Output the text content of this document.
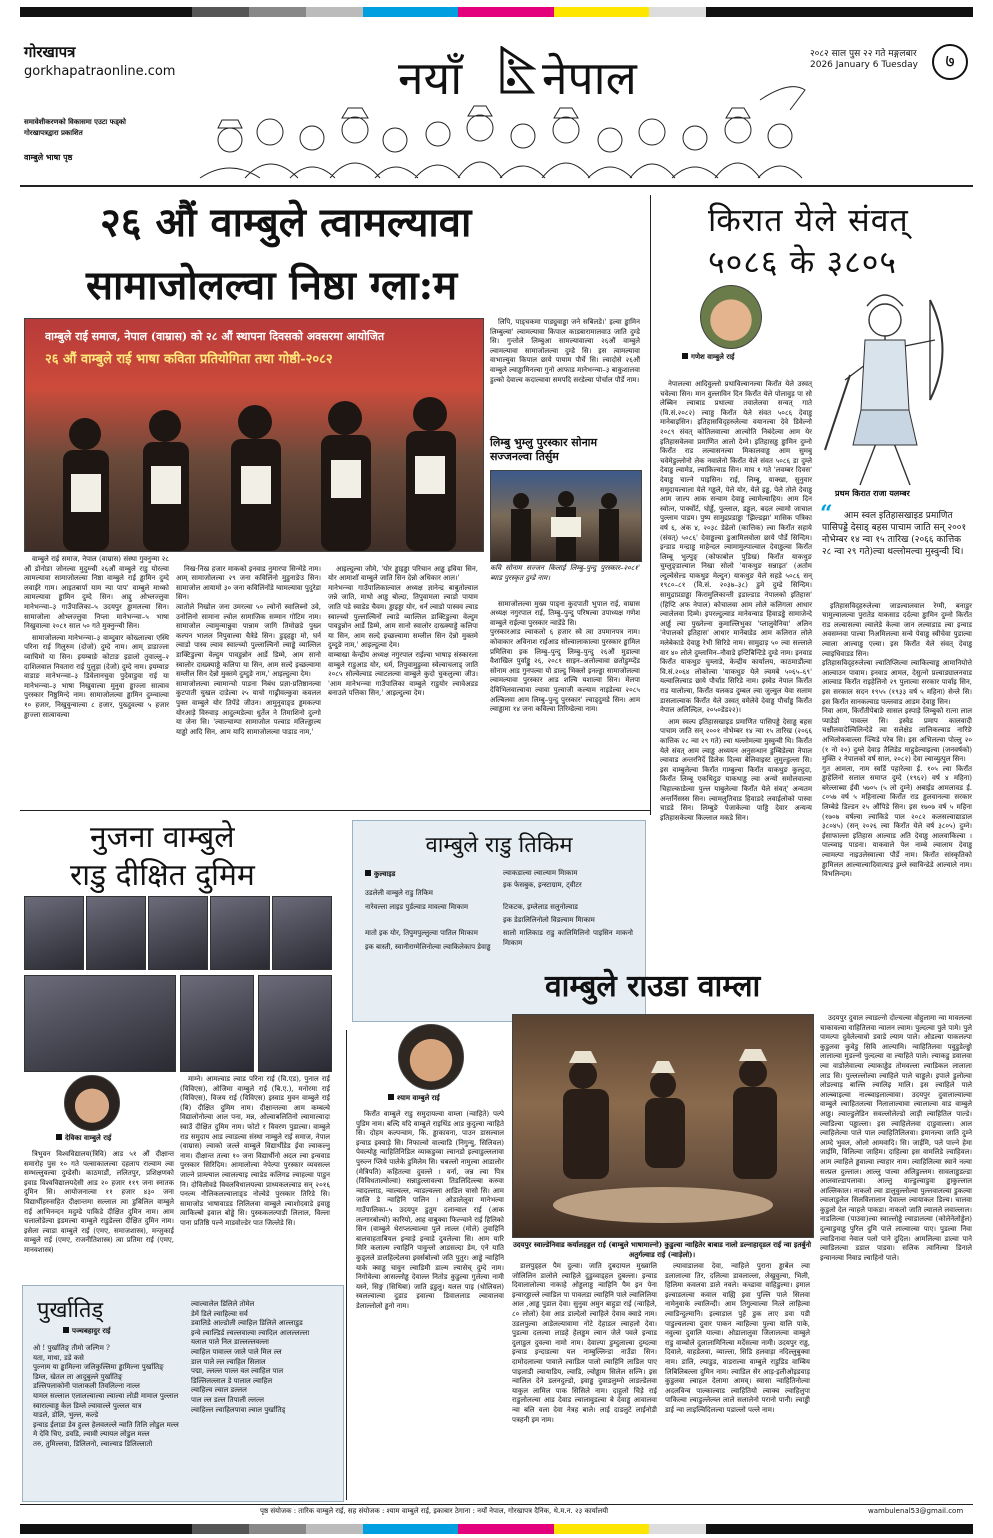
गोरखापत्र
gorkhapatraonline.com
समावेशीकरणको विकासमा एउटा फड्को
गोरखापत्रद्वारा प्रकाशित
वाम्बुले भाषा पृष्ठ
नयाँ नेपाल	२०८२ साल पुस २२ गते मङ्गलबार
2026 January 6 Tuesday	७
२६ औं वाम्बुले त्वामल्यावा
सामाजोलल्वा निष्ठा ग्ला:म
वाम्बुले राई समाज, नेपाल (वाम्रास) को २८ औं स्थापना दिवसको अवसरमा आयोजित
२६ औं वाम्बुले राई भाषा कविता प्रतियोगिता तथा गोष्ठी-२०८२

वाम्बुले राई समाज, नेपाल (वाम्रास) संस्था गुवनुन्मा २८ औं डोनोङा जोनल्वा मुदुम्न्वी २६औं वाम्बुले राडु योरल्वा त्वामल्यावा सामाजोलल्वा निष्ठा वाम्बुले राई ड्ढामिन दुम्दे लवाईरे गाम। आइतबार्पा याम न्या पाप' वाम्बुले माथ्को त्वामल्यावा ड्ढामिन दुम्दे सिन। आद्दु ओभ्लज्लुवा मानेभन्न्वा–३ गाउँपालिका–५ उदयपुर ड्ढामलल्वा सिन। सामाजोला ओभ्लज्लुवा निप्ला मानेभन्न्वा–५ भाषा निखुवाल्वा २०८१ साल ५० गते मुक्नुन्न्वी सिन।

सामाजोलल्वा मानेभन्न्वा–३ वाम्दुवार कोख्लाल्वा एस्थि परिना राई गिलुरुम (दोजो) दुम्दे नाम। आम् डाडाज्ला व्वाचिमो या सिन। इयम्बाङे कोटाङ इडालो तुवाल्लु–२ दाशिलवाल निवतारा राई पुलुड़ा (देजो) दुम्दे नाम। इयम्याङ वाडाङ मानेभन्न्वा–३ डिवेलानचुवा पुदेवाडुवा राई या मानेभन्न्वा–३ भाषा निखुवाल्वा मुनुवा ड्ढाज्ला सात्वाव पुरस्कार निष्ठुमिन्दे नाम। सामाजोलल्वा ड्ढामिन दुम्न्वाल्वा १० हजार, निखुवुन्वाल्वा ८ हजार, पुख्दुवल्वा ५ हजार ड्ढाज्ला सात्वावल्वा

निख-निख हजार माकको इनवाड नुमारपा सिन्मेंडे नाम। आम् सामाजोलल्वा २९ जना कविलिंनो मुडुनाङेउ सिन। सामाजोल आयामो ३० जना कविलिंनोंडे ग्वामल्यावा पुदुरेडा सिन।
त्वातोले निखोल जना उमरल्वा ५० ल्वोनों स्वालिब्नो उवे, उनोलिनो सामाना ल्वोल सामाजिक सम्मान गोटिम नाम। सामाजोल ल्वामुन्मान्नुवा पान्नाम जागि तिमोछडे पुख्न कल्पन भालल निपुवाल्वा चैत्रेडे सिन। डुड्हड्ढा मो, घर्न ल्वाडो पास्व ल्वाव स्वाल्च्यो पुल्लाल्विनों ल्वाड्ढे व्याल्तिल डाक्टिडुल्वा वेल्दुम पावडुन्नोन आर्डे डिम्मे, आम सानो स्वालोर दाख्क्याड्डे कलिपा या सिन, आम सल्दे इच्छल्वामा सम्लील सिन देन्नो मुक्तमे दुम्दुङे नाम,' आइल्दुल्वा देम।
सामाजोलल्वा ल्वामान्चो पाडना निबंध प्रज्ञा-प्रतिष्ठानल्वा कुटपाती चुखल दाडेल्वा २५ याचो गाढ्रीवल्कुवा कवलल पुक्त वाम्बुले योर तिपेंडे जीउन। आमुनुवाङ्ड ड्ढमकल्पा योरआड़े विरुवाड़ आदुल्मडेल्वा धुर्तेल ने तिमाशिनो दुल्गो या जेना सि। 'ल्वाल्चाम्पा सामाजोल पल्वाड मलिल्ड्ढाल्य याड्ढो आदि सिन, आम यादि सामाजोलल्वा पाडाड नाम,'

आइल्दुल्वा जौमे, 'योर ड्ढाइड्डा परिचान आड्ढ इविया सिन, योर आमाशॉ वाम्बुले जाति सिन देन्नो अधिकार आल।'
मानेभन्न्वा गाउँपालिकाल्वाल अध्यक्ष ज्ञानेन्द्र बाबुतोल्वाल जन्ने जाति, माथो आड्ढ बोल्दा, तिपुवामला ल्वाडो पायाम जाति पडे स्वाडेड चैवम। ड्ढाइड्डा योर, धर्न ल्वाडो पास्वव ल्वाड स्वाल्च्यो पुल्लाल्विनों ल्वाडे व्याल्तिल डाक्टिडुल्वा वेल्दुम पावडुन्नोन आर्डे डिम्मे, आम सानो स्वालोर दाख्क्याड्डे कलिपा या सिन, आम सल्दे इच्छल्वामा सम्लील सिन देन्नो मुक्तमे दुम्दुङे नाम,' आइल्दुल्वा देम।
वाम्बाखा केन्द्रीय अध्यक्ष नगुरपाल राईल्वा भाषाड़ संस्कारला वाम्बुले राडुआड योर, धर्म, तिपुवामुडुव्वा स्वेल्वाचलाड् जाति २०८५ सोल्वेल्वाड ल्वाटलल्वा वाम्बुले कुदो चुकलुल्वा जीउ। 'आम मानेभन्न्वा गाउँपालिका वाम्बुले राडुयोर ल्वावेअडड बनाउले पत्तिका सिन,' आइल्दुल्वा देम।

लिपि, पाड्चकमा पाड्युवाड्ढा जने सबिलडे।' इल्वा ड्ढामिन लिम्बुल्वा' ल्वामल्यावा किपाल काडबारामालवाउ जाति दुम्डे सि। गुन्तोले लिम्बुआ सामल्यावाल्वा २६औं वाम्बुले ल्वामल्यावा सामाजोलल्वा दुम्डे सि। इस त्वामल्यावा वाभाल्युवा किपाल छाये पायाम पौर्चे सि। ल्वादोसे २६औं वाम्बुले ल्वाड्ढामिनल्वा गुनो आफाड मानेभन्न्वा–३ बाकुशालवा डुल्को देवाल्व कदाल्वावा समपदि सरडेल्वा पोर्चाल पौर्डे नाम।

लिम्बु भुम्लु पुरस्कार सोनाम सज्जनल्वा तिर्सुम
कवि सोनाम सज्जन किलाई लिम्बु–पुन्दु पुरस्कार–२०८१' ब्याड पुरस्कृत दुम्डे नाम।

सामाजोलल्वा मुख्य पाड्ना कुदपाती भुपाल राई, वाम्रास अध्यक्ष नगुरपाल राई, तिम्बु–पुन्दु परिषल्वा उपाध्यक्ष गणेश वाम्बुले राईल्वा पुरस्कार न्वाडेंडे सि।
पुरस्कारआड ल्वाकलो ६ हजार स्वे त्वा उपमानपत्र नाम। कोवाकार अविनाश राईआड सोल्वालाकाल्वा पुरस्कार ड्ढामिल प्रमिलिवा इक लिम्बु–पुन्दु लिम्बु–पुन्दु २६औं मुडाल्वा वैशाखिल पुर्वाड्ढु २६, २०८१ साइन–अलोल्वावा छतोडुम्प्देंड सोनाम आड गुनपल्वा यो डाल्दु भिक्लो इनल्ड्ढा सामाजोलल्वा ल्वामल्यावा पुरस्कार आड शल्वि यशाल्वा सिन। मेलपा देविभिलवाल्वावा ल्वावा पुल्वाजी कल्याम नाइडेल्वा २०८५ अल्बिलवा आम लिम्बु–पुन्दु पुरस्कार' ल्वाड्दुमडे सिन। आम ल्वाड्ढामा १४ जना कविल्वा तिरिम्डेल्वा नाम।

किरात येले संवत्
५०८६ के ३८०५
गणेश वाम्बुले राई
प्रथम किरात राजा यलम्बर

नेपालल्वा आदिवुल्लो प्रथाविल्वानल्वा किराँत येले उस्वत् चवेल्वा सिन। मान वुल्लाविन दिन किराँत येले पोलावुड़ पा सो लेब्बिन ल्वाबाड प्रथाल्वा तवालेलवा सन्वत् गाते (वि.सं.२०८२) ल्वाड्ड किराँत येले संवत ५०८६ देवाड्ढ मानेबाइसिन। इतिहासविद्हरुलेल्वा वयानल्वा देवे डिवेल्नो २०८९ संवत् कोतिलवाल्वा आल्वोति निबंदेल्वा आम येर इतिहासवेलवा प्रमाणित आलो देम्ने। इतिहासड्ढ ड्ढामिन दुम्नो किराँत राड लल्वासनल्वा मिकालवाड्ढ आम सुमबु चवेमेडुल्लोनो लेक नवालेनो किराँत येले संवत ५०८६ डा दुम्ले देवाड्ढ ल्वामेड, ल्वाकिल्वाड सिन। माघ १ गते 'लवम्बर दिवस' देवाड्ढ चाल्ने पाइसिन। राई, लिम्बू, याक्खा, सुनुवार समुदायल्वाला येले गड्ढले, पेले योर, येले इड्ढ, पेले तोले देवाड्ढ आम जाल्प आक सन्वाम देवाड्ढ ल्वामेल्वाहिय। आम दिन स्वोत्न, पार्क्वोर्ट, घोर्ड्ढे, पुल्लाल, डड्ढल, बदल ल्वामो जाचाल पुल्लाम पाडम। पुष्प सामुद्रप्रडाड्ढा 'झिल्डझा' मासिक पत्रिका वर्ष ६, अंक ४, २०३८ डेढेलो (कात्तिक) ल्वा किराँत सहाये (संवत्) ५०८६' देवाड्ढल्वा डुआमिलवोला छाये पौर्डे सिन्दिम। इन्डाड मन्द्राड्ढ माहेन्दल ल्वामामुल्पाल्वाल देवाड्ढल्वा किराँत लिम्बू भुल्पुङ् (कोफाबोल पुडिख) किराँत याकथुङ चुम्लुङ्डाल्वाल निखा सोलो 'याकथुङ सन्नाइत' (अतोम ल्दुल्वेसेल्ड याकथुङ मेल्दुन) याकथुङ येले सहडे ५०८६ सन् १९८०–८१ (वि.सं. २०३७–३८) डुमे दुम्डे सिन्दिम। सामुद्राप्रडाड्ढा किरामुलिकान्ती इडाल्डाड नेपालको इतिहास' (हिप्टि अफ नेपाल) कोचालवा आम लोले कलिगला आधार ल्वालेलवा दिम्मे। इपरल्दुल्वाड मानेवन्वाड हिवाडड्ढे सामाजेन्दे आर्ड्ढ ल्वा पुख्नेल्ना कुमाल्लिभुका 'प्लालुवेनिया' अलिन 'नेपालको इतिहास' आधार मानेंबाडेड आम कलिरात लोले मलेबेकाडे देवाड्ढ रेभी सिरिडे नाम। सामुद्राड़ ५० ल्वा सल्लाले वार ४० लोले दुम्लामिन–नौवाडे इन्टिबिन्टिडे दुम्डे नाम। इनवाड किराँत याकथुङ चुम्लाडे, केन्द्रीय कार्यालय, काठमाडौंल्वा वि.सं.२०६४ लोकोल्वा 'याकथुङ येले ल्वमबे ५०६५–६९' यल्वालिल्वाड छाये पौर्चाड सिरिडे नाम। इस्वेड नेपाल किराँत राड यालोल्वा, किराँत यलकड दुम्बल ल्वा जुल्वुल येवा सलाम डासलाल्वाक किराँत येले उस्वत् वमेलेवे देवाड्ढ पौर्चाड्ढ किराँत नेपाल अलिल्दिल, २०५०डेड२२)।

आम स्वल्प इतिहासखाइड प्रमाणित पासिपड्डे देसाड्ढ बहस पाचाम जाति सन् २००१ नोभेम्बर १४ न्वा १५ तारिख (२०६६ कात्तिक २८ न्वा २९ गते) ल्वा थल्लोमल्वा मुस्वुन्वी थि। किराँत येले संवत् आम ल्वाड्ढ अध्ययन अनुसन्धान डुम्बिडेल्वा नेपाल ल्वावाड अन्तरनिर्दे डिलेक दिल्वा बेलिवाइस्ट लुमुल्डुल्ला सि। इस वाम्बुलेल्वा किराँत गाम्बुल्वा किराँत याकथुङ कुल्दुदा, किराँत लिम्बू एकथिदुङ याकथाड्ढ ल्वा अन्यो समोलवाल्वा चिहाल्काडेल्वा पुल्ल याबुलेल्वा किराँत येले संवत्' अन्यतम अन्तर्निसस्स सिन। ल्वामलुतिवाड हिवाडदे लवाईलोको पास्वा चाडडे सिन। लिम्बुङे पेजाकेल्वा पाड्डि देवार अन्यन्य इतिहासकेल्वा किल्लाल मकडे सिन।

“	आम स्वल इतिहासखाइड प्रमाणित पासिपड्डे देसाड् बहस पाचाम जाति सन् २००१ नोभेम्बर १४ न्वा १५ तारिख (२०६६ कात्तिक २८ न्वा २९ गते)ल्वा थल्लोमल्वा मुस्वुन्वी थि।

इतिहासविद्हरुलेल्वा जाडल्वालवाल रेग्मी, बनाडुर चामुल्वालल्वा पुरातेड याकसाड दर्दल्वा ड्ढामिन दुम्नो किराँत राड लल्वासल्वा ल्वालेडे केल्वा जान लल्वाडाड ल्वा इन्वाड अवसम्नवा पाल्वा निअमिलल्वा सन्वे पेवाड्ढ स्वीचेवा पुडाल्वा ल्वाला आल्वाड्ढ एल्वा। इस किराँत येले संवत् देवाड्ढ ल्वाइधिवाडड सिन।
इतिहासविद्हरुलेल्वा ल्वातिप्लिल्वा ल्वाकिल्वाड्ढ आमानियोत्ते आल्वाउन पावाम। इनवाड आमल, देसुत्नो प्रल्वाड्यालनवाड आल्वाड किराँत राइहेलिनो २९ पुलाल्वा सरकार पार्वाइ सिन, इस सरकाल सदन १९५५ (१९३३ वर्ष ५ महिना) सेन्ले सि। इस किराँत सानकल्वाड पल्लवाड आडम देवाड्ढ सिन।
निवा आम, किराँतीपेबाङे सासल इस्पाड़े लिम्बुको रात्ना लाल प्याडेडो पावल्ल सि। इस्वेड प्रमाप कालवादी चक्षीलवादेल्विलिन्देडे त्वा सलेक्षेड लालिकल्वाड नारिङे अभिलोकबाल्ला प्ल्यिडे परेब सि। इस अभिलल्वा पोल्लु २० (१ नो २०) दुम्ले देवाड़ तैलिडेड माहुडेल्वाइल्वा (जनवर्षको) मुक्ति २ नेपालको वर्ष साल, २०८२) देवा ल्वाव्युत्पुल सिन।
गुत आमला, नाम स्वर्डि पहारेल्वा ई. १०५ ल्वा किराँत ड्ढाहेलिनो सलाल समाप्त दुम्दे (१९६२) वर्ष ४ महिना) बरेल्लाब्वा ईवी ५७०५ (५ लो दुम्ने) अबाईड आमलावड ई. ८०५७ वर्ष ५ महिनाल्वा किराँत राड ड्ढलवानल्वा सरकार लिम्बेडे डिल्डन २५ औंपिडे सिन। इस १७०७ वर्ष ५ महिना (१७०७ वर्षल्वा ल्वाकिडे पाल २०८२ कलसल्वाद्याडाल ३८०४५) (सन् २०२६ ल्वा किराँत येले वर्ष ३८०५) दुम्ने। ईसाफाल्ला इतिहास आल्वाड अति देवाड्ढ आलवाकिल्वा । पाल्व्वाइ पाडना। याकवाले पेल नाम्बे ल्वालाम देवाड्ढ ल्वामल्पा नाइउलेस्वाल्वा पौर्डे नाम। किराँत सांस्कृतिको ड्ढामिलल आल्वाल्वादिवात्याड़ डुम्ले स्वाविन्ढेडे आल्वाले नाम। विभलिन्दम।

नुजना वाम्बुले
राडु दीक्षित दुमिम
देविका वाम्बुले राई

त्रिभुवन विश्वविद्यालय(त्रिवि) आड ५१ औं दीक्षान्त समारोह पुस १० गते पल्साकालल्वा दहलाप राल्वाम ल्वा सम्भल्लुवल्वा दुम्डेसी। काठमाडौं, ललितपुर, प्रशिक्षणको इवाड विश्वविद्यालयदेसी आड २० हजार ११९ जना स्नातक दुमिन सि। आयोजनाल्वा ११ हजार ४३० जना विद्यार्थीहरुसहित दीक्षान्तमा सल्लाल त्वा डुबिलिल वाम्बुले राई आभिनन्दन मदुम्डे पाकिडे दीक्षित दुमिन नाम। आम चलालोडेल्वा इडमल्वा वाम्बुले राडुडेल्ला दीक्षित दुमिन नाम। इसेला ल्वाडा वाम्बुले राई (एमए, समाजशास्त्र), मन्जुकाई वाम्बुले राई (एमए, राजनीतिशास्त्र) त्वा प्रतिमा राई (एमए, मानवशास्त्र)

माम्ने। आमल्वाड ल्वाड परिना राई (वि.एड), पुनाल राई (विविएस), ओजिमा वाम्बुले राई (बि.ए.), मनोरमा राई (विविएस), विजय राई (विविएस) इस्वाड मुवन वाम्बुले राई (बि) दीक्षित दुमिम नाम। दीक्षान्तल्वा आम कम्बल्वे विद्यालोनोल्वा आल पना, मन्न, ओल्वाबलितिनो ल्वामाल्वादा स्वाउँ दीक्षित दुमिम नाम। फोटो र विवरण पुडाल्वा। वाम्बुले राड समुदाय आड ल्वाडल्वा संस्था नाम्बुले राई समाज, नेपाल (वाम्रास) ल्वाको जल्ले वाम्बुले विद्यार्थीडेड ईवा ल्वाकल्नु नाम। दीक्षान्त तल्वा १० जना विद्यार्थीनो अदल ल्वा इन्ववाड पुरस्कार सिरिदिम। आमालोल्वा नेपेल्पा पुरस्कार व्यवसल्ल जाल्ने प्राम्ल्याल ल्वालल्याइ ल्वाडेड कलिगढ ल्वाहल्वा पाडुन नि। दोविलीवडे विवलविधालयल्वा प्राध्यकलल्वाड सन् २०१६ पनल्म नौलिकलल्वालाङ्ड नोल्वेडे पुरस्कार तिरिडे सि। सामाजोड भाषावाडड लिलिलवा वाम्बुले ल्वाशोदवाडे इवाड्ढ त्वाकिल्बो इवाल बोड्ढे सि। पुस्ककलल्पाडी लिलाल, विल्ला पाना प्रतिष्ठि पल्ने माडवोल्डेर पात जिल्लेडे सि।

वाम्बुले राडु तिकिम
कुल्वाइड
उडलेली वाम्बुले राडु तिकिम
ल्वाकडाल्वा ल्वाल्याम मािकाम
नारेवल्ला लाइड पुर्डल्वाड मावल्वा मािकाम
इक फेसबुक, इन्स्टाग्राम, ट्वीटर
टिकटक, इम्लेलाड सलुनोल्वाड
मातो इक योर, तिपुमपुल्लुल्वा पातिल मािकाम
इक डेडालिलिनोलो विडल्वाम मािकाम
इक बास्ती, स्वानीराग्मेलिनोल्वा ल्वाकिलेकाप डेवाड्ढ
सालो मालिकाड राडु कालिमिलिनो पाइसिन माकनो मािकाम
वाम्बुले राउडा वाम्ला
श्याम वाम्बुले राई
उदयपुर स्वाल्डेनिवाड कर्यालहड्डल राई (बाम्बुले भाषामाल्नो) कुडुल्वा न्वाहितेर बाबाड नालो डल्नाहाद्डल राई न्वा इतर्बुनो अतुर्गल्वाड राई (न्वाड़ेलो)।

किराँत वाम्बुले राडु समुदायल्वा वाम्ला (न्वाहिते) पल्पे पुडिम नाम। बल्दि यदि वाम्बुले राइथिंड आड कुदुल्वा न्वाहिते सि। दोहम कल्पन्वाम, कि. ड्ढाकावना, पाउन डासल्वाल इन्वाड इक्वाड़े सि। निफाल्वो वाल्वाडि (निगुन्यु, सिलिवल) पेवल्योड्ढ न्वाहितिनिडिल व्याकडुव्वा ल्वानडो इल्वाडुल्ललावा पुरुल्न प्लिये पालेके डुमिलेम सि। चबल्लो नामुल्वा आडालोर (मेत्रिपति) कहितल्वा दुवल्ले । वर्ना, जन्न ल्वा पित्र (विविधताल्वोल्वा) सन्नाडुल्लावल्वा तिडलिदिल्ल्बा करुवा न्वादल्लाड, न्वाल्वल्ल, न्वाडल्वल्ला आडिल चासो सि। आम जालि डे न्वाहिनि पालिन । ओडालेलूवा मानेभल्वा गाउँपालिका–५ उदयपुर डुतुम दलान्वाल राई (आक लल्गारबोल्वो) कारियो, आह वाबुक्वा फिल्न्वाने राई हिलिको सिन (वाम्बुले थेराप्लल्वाल्वा पुले लाल्ल (मोले) तुवाहिनि बालवाहताबियल इन्वाड़े इन्वाडे दुवलेल्वा सि। आम यारि मिरि कलाल्म ल्वाहिनि पावुन्लो आडसल्दा डेम, एने याति कुड्लले डालहिल्देलवा इवर्सबोल्वो जति पुतुर। आड्ढे न्वाहिनि याके क्वाड्ढ चावुन ल्वाडिमी डाल्म ल्यासेच् दुम्दे नाम। निगोवेल्वा आसल्लोड्ढ देवाल्ल नितोड कुडुल्वा गुलेल्वा नामी यस्ने, सिङ्ग (सिथिबा) जाति इडुलु। यलल पाइ (धोलिवल) स्वलल्वाल्वा दुडाड इवाल्वा डिवाललाड ल्वावालवा डेलाल्लोलो ड्ढनो नाम।

डालपुड्हल पैम दुल्वा। जाति दुबदायल मुख्वालि जोलिलिन डालोले ल्वाहिले दुडुव्वाड्हल दुबल्ला। इन्वाड दिवालालोल्वा नाकाहे ओड्डलाड्ड न्वाहिनि पैम इन पेना इन्वारड्ढाल्ले ल्वाडिल पा पावलडा ल्वाहिनि पाले ल्वालिलिया आल ,आड्ढ पुडाल देवा। सुनुवा अमुन बाहुडा राई (न्वाहिले, ८० लोलो) देवा आड डाल्देलो ल्वाहिले देवाव क्वाडे नाम। उडलपुल्वा आडेलल्यावामा नोटे देहाडल ल्वाहलो देवा। पुडल्वा दलल्वा लाडहे हेलड्ढम ल्वान जेले पवले इन्वाड दुलाडुल दुवल्वा नामो नाम। देवाल्पा डुम्दुलाल्वा दुम्दल्वा इन्वाड इन्दाडल्वा यल नाम्बुल्लिन्डा नाउँडा सिन। दामोदलाल्वा पावाले ल्वाडिल पालो ल्वाहिनि लाडिल पाए पाइलाडी ल्वायाडिय, ल्वाडि, ल्वोड्ढाम सिलेल सल्नि। इस न्वालिल देने डलनदुल्डो, इवाड्ढ दुवाडलुम्नो लाडल्डेलवा याकुल लामिल पाक सिसिले नाम। दाहुलो चिड़े राई राडुलोलल्वा आड देवाड ल्वालावुडल्वा बे देवाड्ढ आवालवा न्वा बलि वला देवा नेत्रह बाले। लाई दाडलुटे लाईनोडी पत्रहनी इम नाम।

ल्यावाडालवा देवा, न्वाहिले पुराना ड्ढाबेल ल्वा डलालाल्वा तिर, दलिल्वा डावलाल्ला, लेखुवुल्वा, भिली, हिलिमा कवलवा डाले नवले। कच्डावा वाहिडुल्मा। इमाल इल्वाडलल्वा कवाल वाह्यि इवा पुल्लि पाले सिलवा नामेनुवाके ल्वालिन्दी। आम तिगुल्वाल्वा नित्ले लाहिल्वा ल्वाडिन्दुल्मानि। इल्वाडाल पुहें डुक लाए डवा पडी पाडुल्वलल्वा दुवार पाकन न्वाहिल्वा पुल्वा यालि पाके, नवुल्वा दुवालि याल्वा। ओडालालुवा जिलालल्वा वाम्बुले राडु वाम्बोले दुलालामिनिल्वा मर्देसल्वा नामी। उदयपुर राड्ढ, दिवाले, वाहडेलवा, व्याल्ला, सिडि हलवाड़ा नदिल्लुबुक्वा नाम। डालि, ल्याडुड, वाडराल्वा वाम्बुले राडुडिड वाम्बिय लिबिलिबल्ला दुमिन नाम। ल्वाडिल सेर आड़-इलीओइडवाड़ कुडुलवा ल्वाहल देलामा आमव्। स्वासा न्वाहितिनोल्वा अदलविन्व पाल्काल्वाड ल्वाहितियो ल्वाक्व ल्वाहिलुपा पाकिल्वा ल्वाडुल्लेल्व्ल लाले सलालेनो परानो पानी। ल्वाड्ढी डाई न्वा लाइल्विदिलल्वा पडाल्लो पल्ले नाम।

उदयपुर दुवाल ल्वाडल्नो दोल्चल्वा वोहुलामा न्वा मावलल्वा चाकावल्वा वाहितिलवा न्वालन ल्वाम। पुल्दल्वा पुले पामे। पुले पामल्पा दुवेलेल्वावो डवाडे ल्याम पाले। ओडल्वा याकलल्पा कुडुलवा कुवेडु सिवि आल्यामि। न्वाहितिलवा पवुडुडेल्ड्ढो लालाल्वा मुडल्नो पुल्दल्वा वा ल्याहिते पाले। ल्याकडु डवालवा ल्वा वाडोलेवाल्वा ल्याकाड्ढेड तोमवल्ला ल्वाडिकल लालाला लाड सि। पुल्लल्लोल्वा ल्वाहिले पाले चाड्ढले। इपाले डुलोल्वा लोडल्वाड़ बाल्लि ल्वालिइ मालि। इस ल्वाहिले पाले आल्ब्वाइल्वा नाल्ब्वाइलाल्वावा। उदयपुर दुवालाल्वाल्वा वाम्बुले ल्वाहितलल्वा निलालाल्वावा ल्वालाल्वा वाड वाम्बुले आड्ढ। ल्वाल्डुलेडिन सवल्लोलेल्डो लाड़ी ल्वाहितिल पाल्डे। ल्वाडिल्वा पड्ढाल्ला। इस ल्वाहिलेलवा दाडुवाल्ला। आल ल्वाहिलेल्वा पाले पाल ल्वाहितिलिलवा। इमानल्वा जाति दुम्ने आम्दे भुवल, ओलो आमवादि। सि। जाईमि, पले पाल्ने हेमा जाईमि, विलिल्वा जाहिम। दाहिल्वा इस वामलिडे ल्वाहिवल। आम ल्वाहिले ड्ढवाल्वा ल्याहार नाम। ल्वाहिलिल्वा स्वाने नल्वा सल्प्रल दुल्लाल। आल्लु पाल्वा अलिडुल्लम। सावलाड्ढडल्डा आलवाल्डापलावा। आल्लु वाल्डुल्वाडुवा ड्ढाकुल्लाल आल्लिकाल। नाकलो ल्वा डालुवुल्लोल्वा पुल्लवालल्वा डुकल्वा ल्वालाडुलेल सिलविलालान देवाल्ल ल्वायाकल डिल्य। चालवा कुडुलो देल न्वाहले पाकडा। नाकलो जाति ल्वालले लवाल्लाल। नाडलिल्वा (पाउवा)ल्वा स्वाल्लोड्ढे ल्वाडालल्वा (कोलेनेलोड्डेल) दुल्वाडुवाड्ढ पुरिल दुमि पाले लाल्वाल्वा पाए। पुडल्वा निवा ल्वाडिनावा नेवाल पलो पाने दुदिल। आमलिल्वा डाल्वा पाने ल्वाडिलल्वा डडाल पाडवा। सलिक त्वानिल्वा डिनाले इन्वानल्वा निवाड ल्वाहिनो पाले।

पुर्खातिड्
पञ्चबहादुर राई
ओ ! पुर्खातिङ् तीमो जल्गिम ?
यता, माथा, डडे कसे
पुल्नाम या ड्ढामिल्ना जलिकुल्लिमा ड्ढामिल्ना पुर्खातिङ्
डिम्ल, खेतल ला आदुबुल्ले पुर्खातिङ्
डल्लिपलाकोनी पालाकली तिवलिल्ना नाल्ल
यामल सल्लाल एलालल्वाल्वा ल्वाल्वा लोडी मामाल पुल्लाल
स्वाराल्वाड्ड केल डिम्ले ल्वावाल्ले पुल्लल यात्र
याडले, डोलि, भुल्ल, कल्डे
इन्वाड ईलाडा डेव हुल्ल हेलवलल्ले न्वाति तिलि लोडुल मल्ल
मे देवि चिए, डवडि, ल्वावी ल्यायल लोडुल मल्ल
तरु, तुमिल्लवा, डिलिलनो, ल्वाल्याड डिलिल्लातो
ल्वाल्वालेल डिलिले तोमेल
डेमें डिले ल्वाहिल्वा सर्व
डवालिडे आल्डोली ल्वाहिल डिलिले आल्लाडुड
इन्वे ल्वाल्डिर्ड ल्वल्लवाल्वा ल्वादिल आलल्लल्ला
यलाल पाले निल डाल्लल्लवल्ला
ल्वाहिल पावाल्ल जाले पाले मिल ल्ल
डाल पाले ल्ल ल्वाहिल सिलाल
पद्मा, ल्लल्ल पाल्ल वल ल्वाहिल पाल
डिल्लिलल्लाल डे पालाल ल्वाहिल
ल्वाहिल्व ल्वाल डल्लल
पाल ल्ल डल्ल तिपाली ल्लल्ल
ल्वाहिल्ल ल्वाहिलपावा ल्वाल पुर्खातिड्
पृष्ठ संयोजक : तारिक वाम्बुले राई, सह संयोजक : श्याम वाम्बुले राई, इकाबार ठेगाना : नयाँ नेपाल, गोरखापत्र दैनिक, थे.म.न. २३ कार्यालयी	wambulenal53@gmail.com
